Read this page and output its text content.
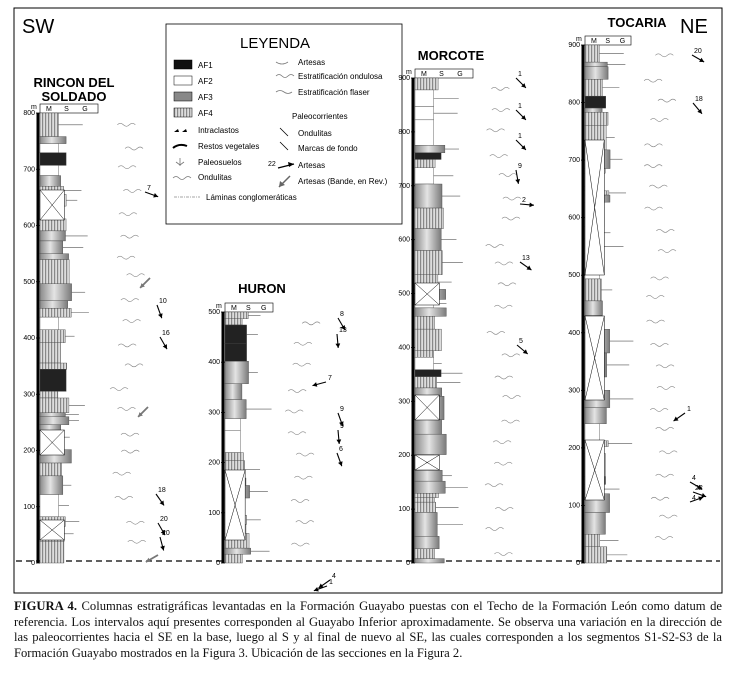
SW	NE
LEYENDA
AF1
AF2
AF3
AF4
Intraclastos
Restos vegetales
Paleosuelos
Ondulitas
Láminas conglomeráticas
Artesas
Estratificación ondulosa
Estratificación flaser
Paleocorrientes
22
Ondulitas
Marcas de fondo
Artesas
Artesas (Bande, en Rev.)
RINCON DEL
SOLDADO
M S G
m
0
100
200
300
400
500
600
700
800
7
10
16
18
20
20
HURON
M S G
m
0
100
200
300
400
500	8
13
7
9
9
6
4
1
MORCOTE
M S G
m
0
100
200
300
400
500
600
700
800
900
1
1
1
9
2
13
5
TOCARIA
M S G
m
0
100
200
300
400
500
600
700
800
900
20
18
1
4
22
4
FIGURA 4. Columnas estratigráficas levantadas en la Formación Guayabo puestas con el Techo de la Formación León como datum de referencia. Los intervalos aquí presentes corresponden al Guayabo Inferior aproximadamente. Se observa una variación en la dirección de las paleocorrientes hacia el SE en la base, luego al S y al final de nuevo al SE, las cuales corresponden a los segmentos S1-S2-S3 de la Formación Guayabo mostrados en la Figura 3. Ubicación de las secciones en la Figura 2.
